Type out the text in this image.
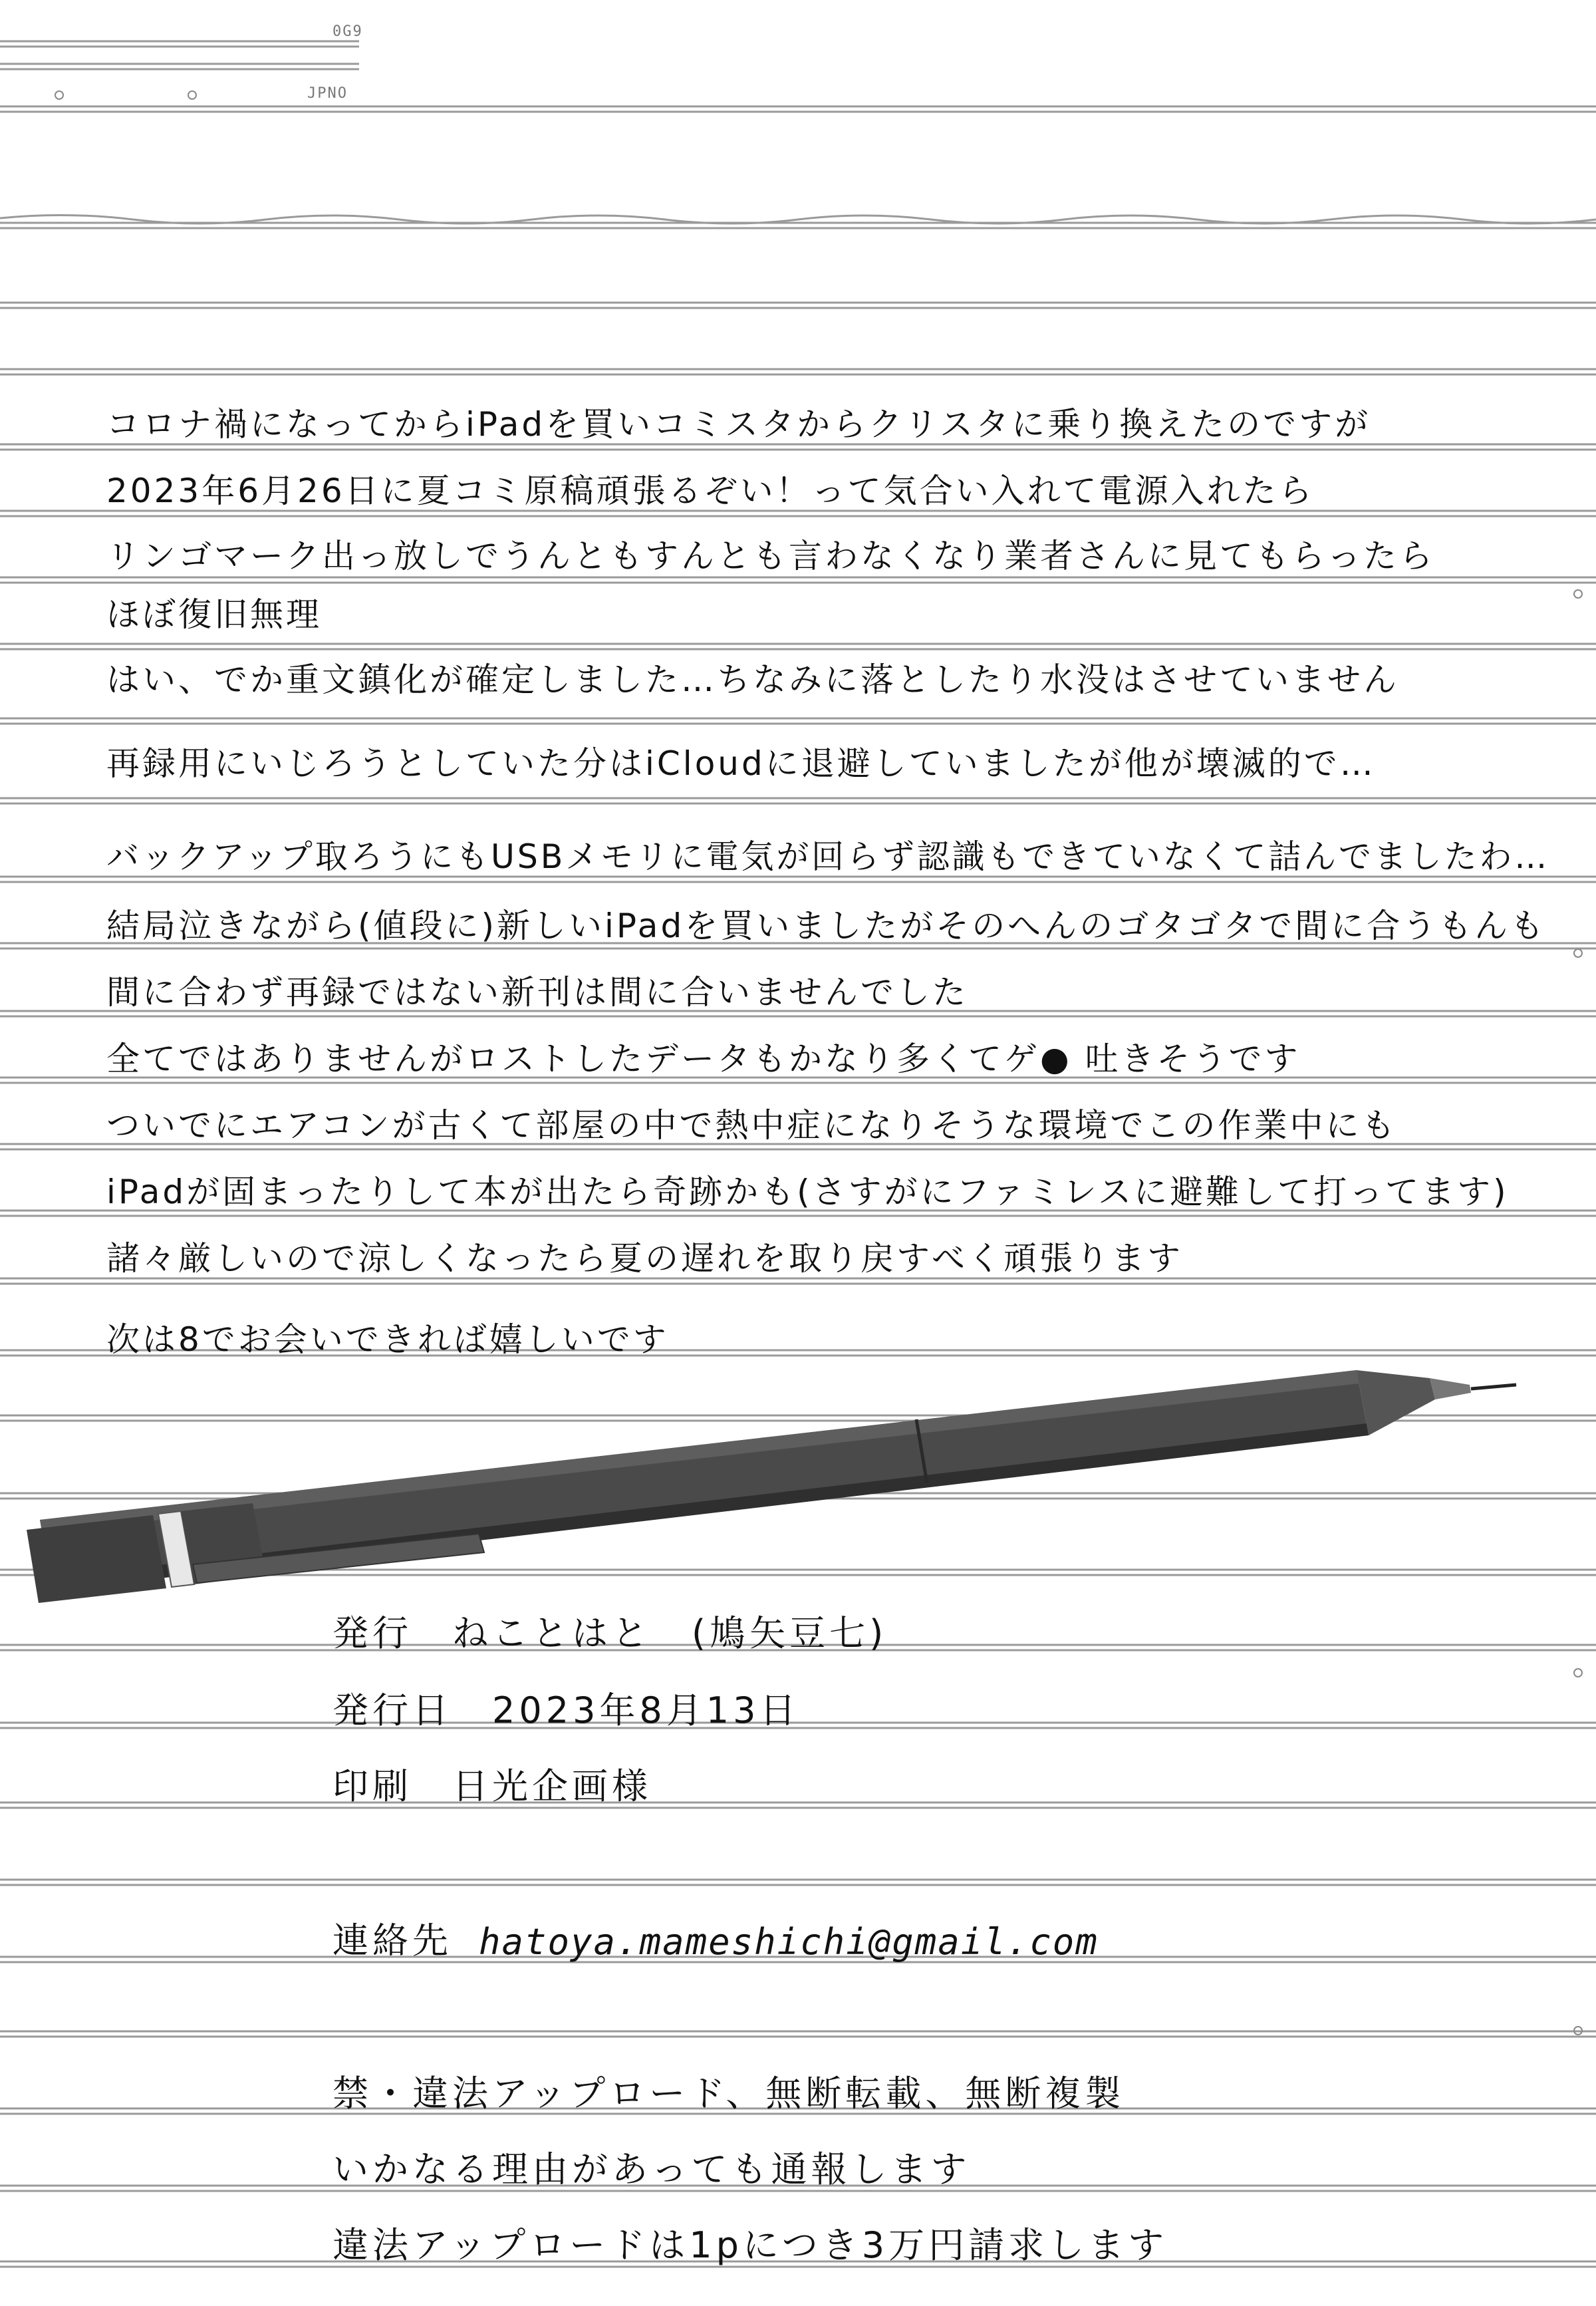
0G9
JPNO
コロナ禍になってからiPadを買いコミスタからクリスタに乗り換えたのですが
2023年6月26日に夏コミ原稿頑張るぞい！って気合い入れて電源入れたら
リンゴマーク出っ放しでうんともすんとも言わなくなり業者さんに見てもらったら
ほぼ復旧無理
はい、でか重文鎮化が確定しました…ちなみに落としたり水没はさせていません
再録用にいじろうとしていた分はiCloudに退避していましたが他が壊滅的で…
バックアップ取ろうにもUSBメモリに電気が回らず認識もできていなくて詰んでましたわ…
結局泣きながら(値段に)新しいiPadを買いましたがそのへんのゴタゴタで間に合うもんも
間に合わず再録ではない新刊は間に合いませんでした
全てではありませんがロストしたデータもかなり多くてゲ● 吐きそうです
ついでにエアコンが古くて部屋の中で熱中症になりそうな環境でこの作業中にも
iPadが固まったりして本が出たら奇跡かも(さすがにファミレスに避難して打ってます)
諸々厳しいので涼しくなったら夏の遅れを取り戻すべく頑張ります
次は8でお会いできれば嬉しいです
発行　ねことはと　(鳩矢豆七)
発行日　2023年8月13日
印刷　日光企画様
連絡先 hatoya.mameshichi@gmail.com
禁・違法アップロード、無断転載、無断複製
いかなる理由があっても通報します
違法アップロードは1pにつき3万円請求します
